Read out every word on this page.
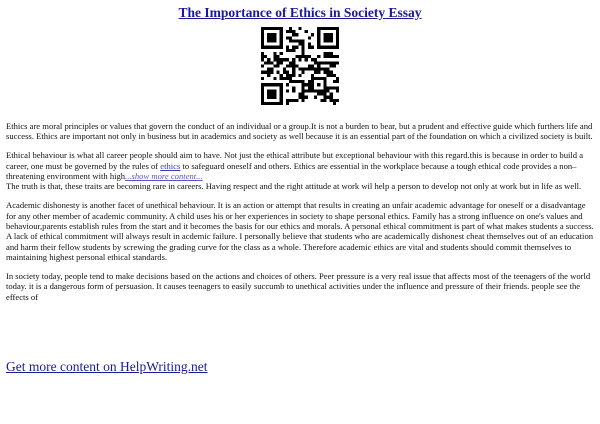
The Importance of Ethics in Society Essay

Ethics are moral principles or values that govern the conduct of an individual or a group.It is not a burden to bear, but a prudent and effective guide which furthers life and success. Ethics are important not only in business but in academics and society as well because it is an essential part of the foundation on which a civilized society is built.

Ethical behaviour is what all career people should aim to have. Not just the ethical attribute but exceptional behaviour with this regard.this is because in order to build a career, one must be governed by the rules of ethics to safeguard oneself and others. Ethics are essential in the workplace because a tough ethical code provides a non–threatening environment with high...show more content...
The truth is that, these traits are becoming rare in careers. Having respect and the right attitude at work wil help a person to develop not only at work but in life as well.

Academic dishonesty is another facet of unethical behaviour. It is an action or attempt that results in creating an unfair academic advantage for oneself or a disadvantage for any other member of academic community. A child uses his or her experiences in society to shape personal ethics. Family has a strong influence on one's values and behaviour,parents establish rules from the start and it becomes the basis for our ethics and morals. A personal ethical commitment is part of what makes students a success. A lack of ethical commitment will always result in acdemic failure. I personally believe that students who are academically dishonest cheat themselves out of an education and harm their fellow students by screwing the grading curve for the class as a whole. Therefore academic ethics are vital and students should commit themselves to maintaining highest personal ethical standards.

In society today, people tend to make decisions based on the actions and choices of others. Peer pressure is a very real issue that affects most of the teenagers of the world today. it is a dangerous form of persuasion. It causes teenagers to easily succumb to unethical activities under the influence and pressure of their friends. people see the effects of

Get more content on HelpWriting.net
